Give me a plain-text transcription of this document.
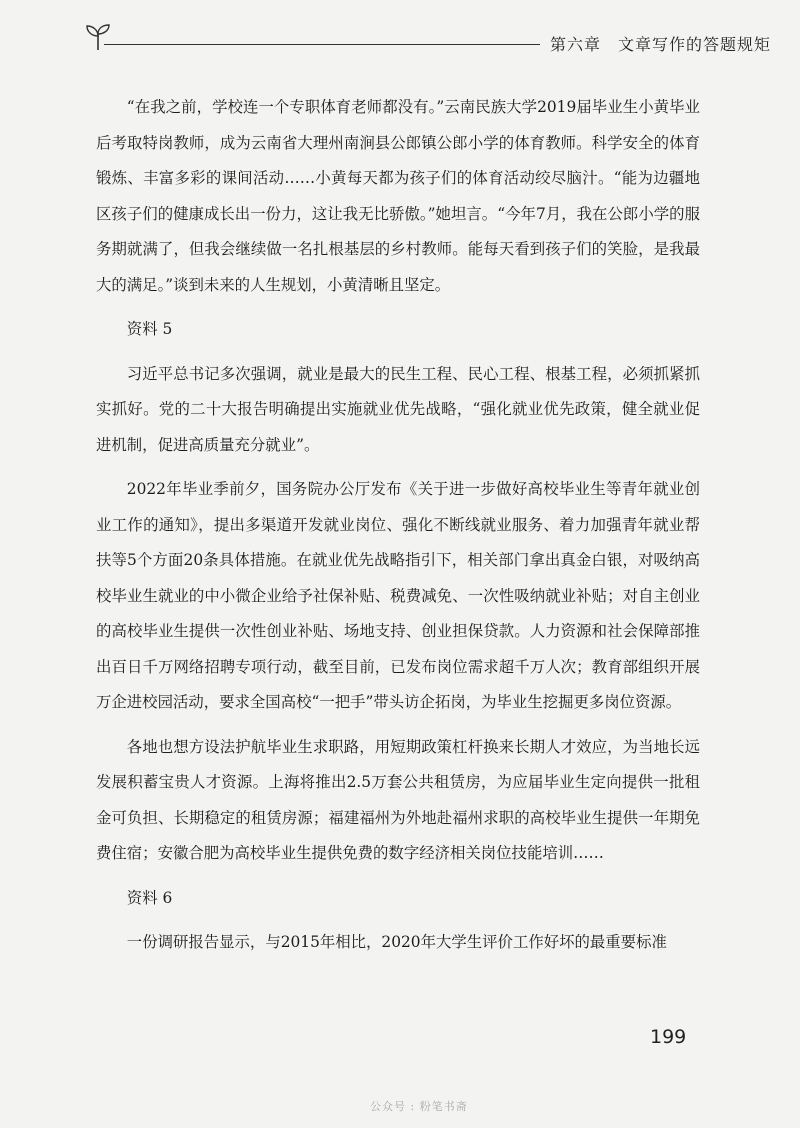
第六章　文章写作的答题规矩

“在我之前，学校连一个专职体育老师都没有。”云南民族大学2019届毕业生小黄毕业后考取特岗教师，成为云南省大理州南涧县公郎镇公郎小学的体育教师。科学安全的体育锻炼、丰富多彩的课间活动……小黄每天都为孩子们的体育活动绞尽脑汁。“能为边疆地区孩子们的健康成长出一份力，这让我无比骄傲。”她坦言。“今年7月，我在公郎小学的服务期就满了，但我会继续做一名扎根基层的乡村教师。能每天看到孩子们的笑脸，是我最大的满足。”谈到未来的人生规划，小黄清晰且坚定。

资料 5

习近平总书记多次强调，就业是最大的民生工程、民心工程、根基工程，必须抓紧抓实抓好。党的二十大报告明确提出实施就业优先战略，“强化就业优先政策，健全就业促进机制，促进高质量充分就业”。

2022年毕业季前夕，国务院办公厅发布《关于进一步做好高校毕业生等青年就业创业工作的通知》，提出多渠道开发就业岗位、强化不断线就业服务、着力加强青年就业帮扶等5个方面20条具体措施。在就业优先战略指引下，相关部门拿出真金白银，对吸纳高校毕业生就业的中小微企业给予社保补贴、税费减免、一次性吸纳就业补贴；对自主创业的高校毕业生提供一次性创业补贴、场地支持、创业担保贷款。人力资源和社会保障部推出百日千万网络招聘专项行动，截至目前，已发布岗位需求超千万人次；教育部组织开展万企进校园活动，要求全国高校“一把手”带头访企拓岗，为毕业生挖掘更多岗位资源。

各地也想方设法护航毕业生求职路，用短期政策杠杆换来长期人才效应，为当地长远发展积蓄宝贵人才资源。上海将推出2.5万套公共租赁房，为应届毕业生定向提供一批租金可负担、长期稳定的租赁房源；福建福州为外地赴福州求职的高校毕业生提供一年期免费住宿；安徽合肥为高校毕业生提供免费的数字经济相关岗位技能培训……

资料 6

一份调研报告显示，与2015年相比，2020年大学生评价工作好坏的最重要标准

199
公众号 : 粉笔书斋
